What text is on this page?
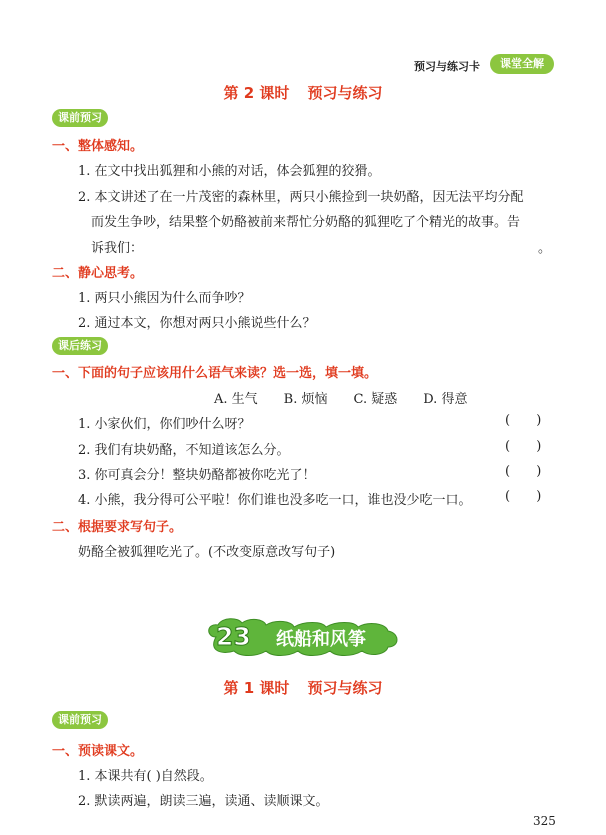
预习与练习卡	课堂全解
第 2 课时 预习与练习
课前预习
一、整体感知。
1. 在文中找出狐狸和小熊的对话，体会狐狸的狡猾。
2. 本文讲述了在一片茂密的森林里，两只小熊捡到一块奶酪，因无法平均分配
而发生争吵，结果整个奶酪被前来帮忙分奶酪的狐狸吃了个精光的故事。告
诉我们：	。
二、静心思考。
1. 两只小熊因为什么而争吵？
2. 通过本文，你想对两只小熊说些什么？
课后练习
一、下面的句子应该用什么语气来读？选一选，填一填。
A. 生气　　B. 烦恼　　C. 疑惑　　D. 得意
1. 小家伙们，你们吵什么呀？	( )
2. 我们有块奶酪，不知道该怎么分。	( )
3. 你可真会分！整块奶酪都被你吃光了！	( )
4. 小熊，我分得可公平啦！你们谁也没多吃一口，谁也没少吃一口。	( )
二、根据要求写句子。
奶酪全被狐狸吃光了。(不改变原意改写句子)
23 纸船和风筝
第 1 课时 预习与练习
课前预习
一、预读课文。
1. 本课共有( )自然段。
2. 默读两遍，朗读三遍，读通、读顺课文。
325
